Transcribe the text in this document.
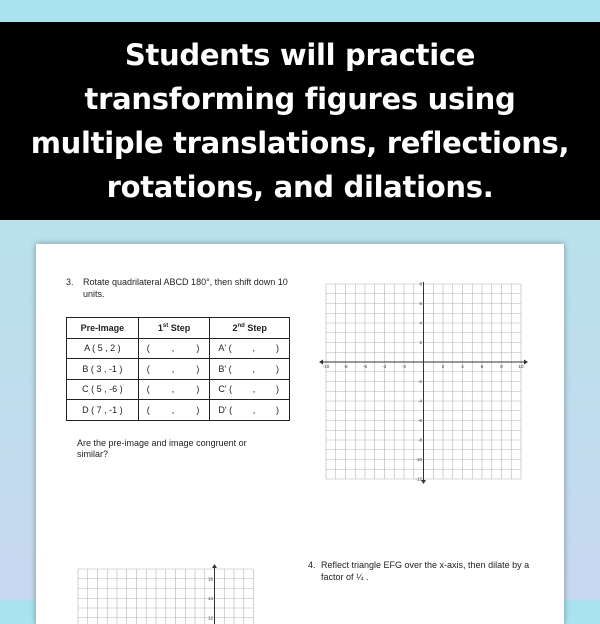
Students will practice
transforming figures using
multiple translations, reflections,
rotations, and dilations.
3. Rotate quadrilateral ABCD 180°, then shift down 10 units.
Pre-Image	1st Step	2nd Step
A ( 5 , 2 )	( , )	A' ( , )

B ( 3 , -1 )	( , )	B' ( , )

C ( 5 , -6 )	( , )	C' ( , )

D ( 7 , -1 )	( , )	D' ( , )
Are the pre-image and image congruent or similar?
-10	-8	-6	-4	-2	2	4	6	8	10
8
6
4
2
-2
-4
-6
-8
-10
-12
4. Reflect triangle EFG over the x-axis, then dilate by a factor of ¼ .
16
14
12
